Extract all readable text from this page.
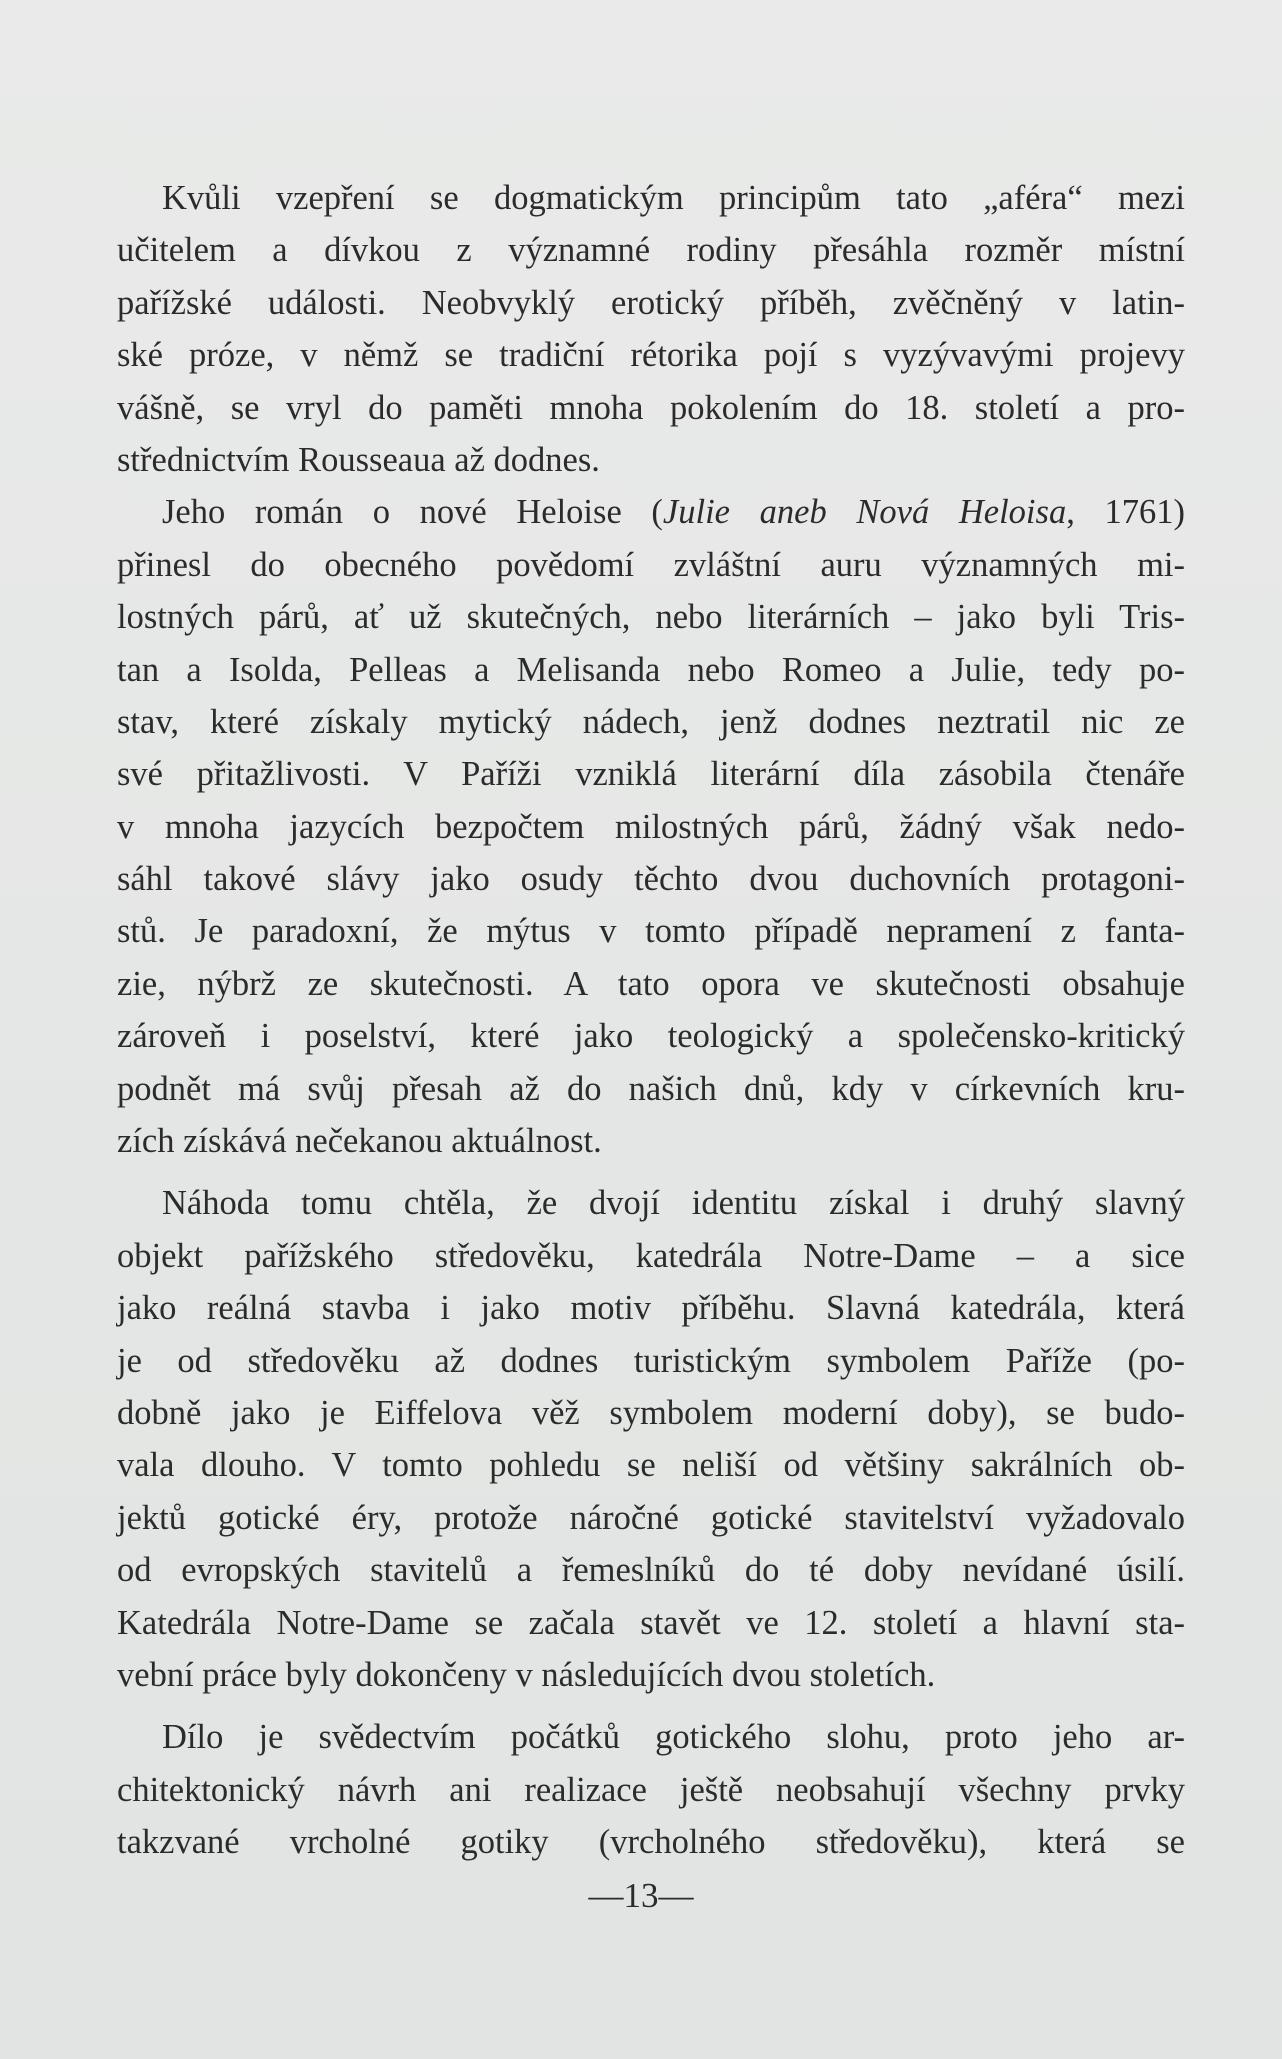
Kvůli vzepření se dogmatickým principům tato „aféra“ mezi
učitelem a dívkou z významné rodiny přesáhla rozměr místní
pařížské události. Neobvyklý erotický příběh, zvěčněný v latin-
ské próze, v němž se tradiční rétorika pojí s vyzývavými projevy
vášně, se vryl do paměti mnoha pokolením do 18. století a pro-
střednictvím Rousseaua až dodnes.
Jeho román o nové Heloise (Julie aneb Nová Heloisa, 1761)
přinesl do obecného povědomí zvláštní auru významných mi-
lostných párů, ať už skutečných, nebo literárních – jako byli Tris-
tan a Isolda, Pelleas a Melisanda nebo Romeo a Julie, tedy po-
stav, které získaly mytický nádech, jenž dodnes neztratil nic ze
své přitažlivosti. V Paříži vzniklá literární díla zásobila čtenáře
v mnoha jazycích bezpočtem milostných párů, žádný však nedo-
sáhl takové slávy jako osudy těchto dvou duchovních protagoni-
stů. Je paradoxní, že mýtus v tomto případě nepramení z fanta-
zie, nýbrž ze skutečnosti. A tato opora ve skutečnosti obsahuje
zároveň i poselství, které jako teologický a společensko-kritický
podnět má svůj přesah až do našich dnů, kdy v církevních kru-
zích získává nečekanou aktuálnost.
Náhoda tomu chtěla, že dvojí identitu získal i druhý slavný
objekt pařížského středověku, katedrála Notre-Dame – a sice
jako reálná stavba i jako motiv příběhu. Slavná katedrála, která
je od středověku až dodnes turistickým symbolem Paříže (po-
dobně jako je Eiffelova věž symbolem moderní doby), se budo-
vala dlouho. V tomto pohledu se neliší od většiny sakrálních ob-
jektů gotické éry, protože náročné gotické stavitelství vyžadovalo
od evropských stavitelů a řemeslníků do té doby nevídané úsilí.
Katedrála Notre-Dame se začala stavět ve 12. století a hlavní sta-
vební práce byly dokončeny v následujících dvou stoletích.
Dílo je svědectvím počátků gotického slohu, proto jeho ar-
chitektonický návrh ani realizace ještě neobsahují všechny prvky
takzvané vrcholné gotiky (vrcholného středověku), která se
—13—
